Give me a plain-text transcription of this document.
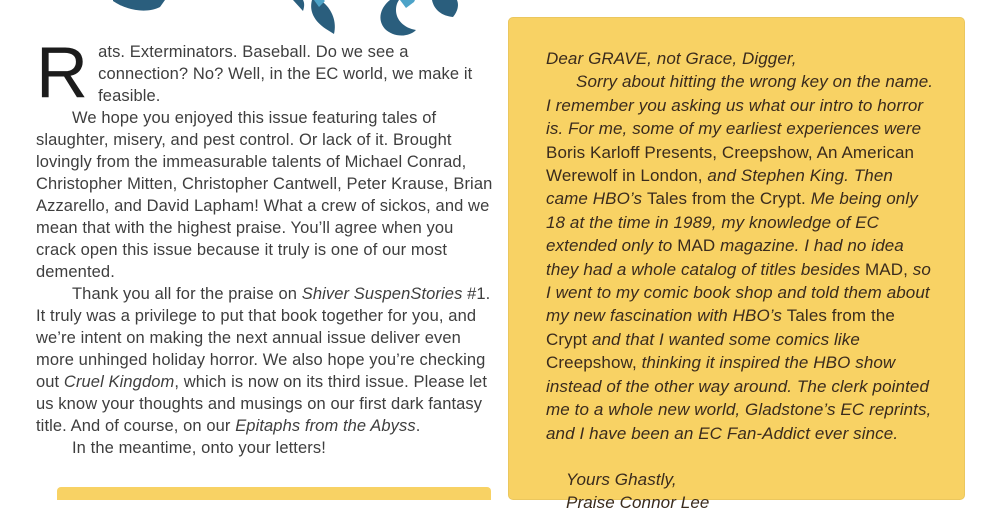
R ats. Exterminators. Baseball. Do we see a connection? No? Well, in the EC world, we make it feasible.

We hope you enjoyed this issue featuring tales of slaughter, misery, and pest control. Or lack of it. Brought lovingly from the immeasurable talents of Michael Conrad, Christopher Mitten, Christopher Cantwell, Peter Krause, Brian Azzarello, and David Lapham! What a crew of sickos, and we mean that with the highest praise. You’ll agree when you crack open this issue because it truly is one of our most demented.

Thank you all for the praise on Shiver SuspenStories #1. It truly was a privilege to put that book together for you, and we’re intent on making the next annual issue deliver even more unhinged holiday horror. We also hope you’re checking out Cruel Kingdom, which is now on its third issue. Please let us know your thoughts and musings on our first dark fantasy title. And of course, on our Epitaphs from the Abyss.

In the meantime, onto your letters!

Dear GRAVE, not Grace, Digger,

Sorry about hitting the wrong key on the name. I remember you asking us what our intro to horror is. For me, some of my earliest experiences were Boris Karloff Presents, Creepshow, An American Werewolf in London, and Stephen King. Then came HBO’s Tales from the Crypt. Me being only 18 at the time in 1989, my knowledge of EC extended only to MAD magazine. I had no idea they had a whole catalog of titles besides MAD, so I went to my comic book shop and told them about my new fascination with HBO’s Tales from the Crypt and that I wanted some comics like Creepshow, thinking it inspired the HBO show instead of the other way around. The clerk pointed me to a whole new world, Gladstone’s EC reprints, and I have been an EC Fan-Addict ever since.

Yours Ghastly,

Praise Connor Lee
